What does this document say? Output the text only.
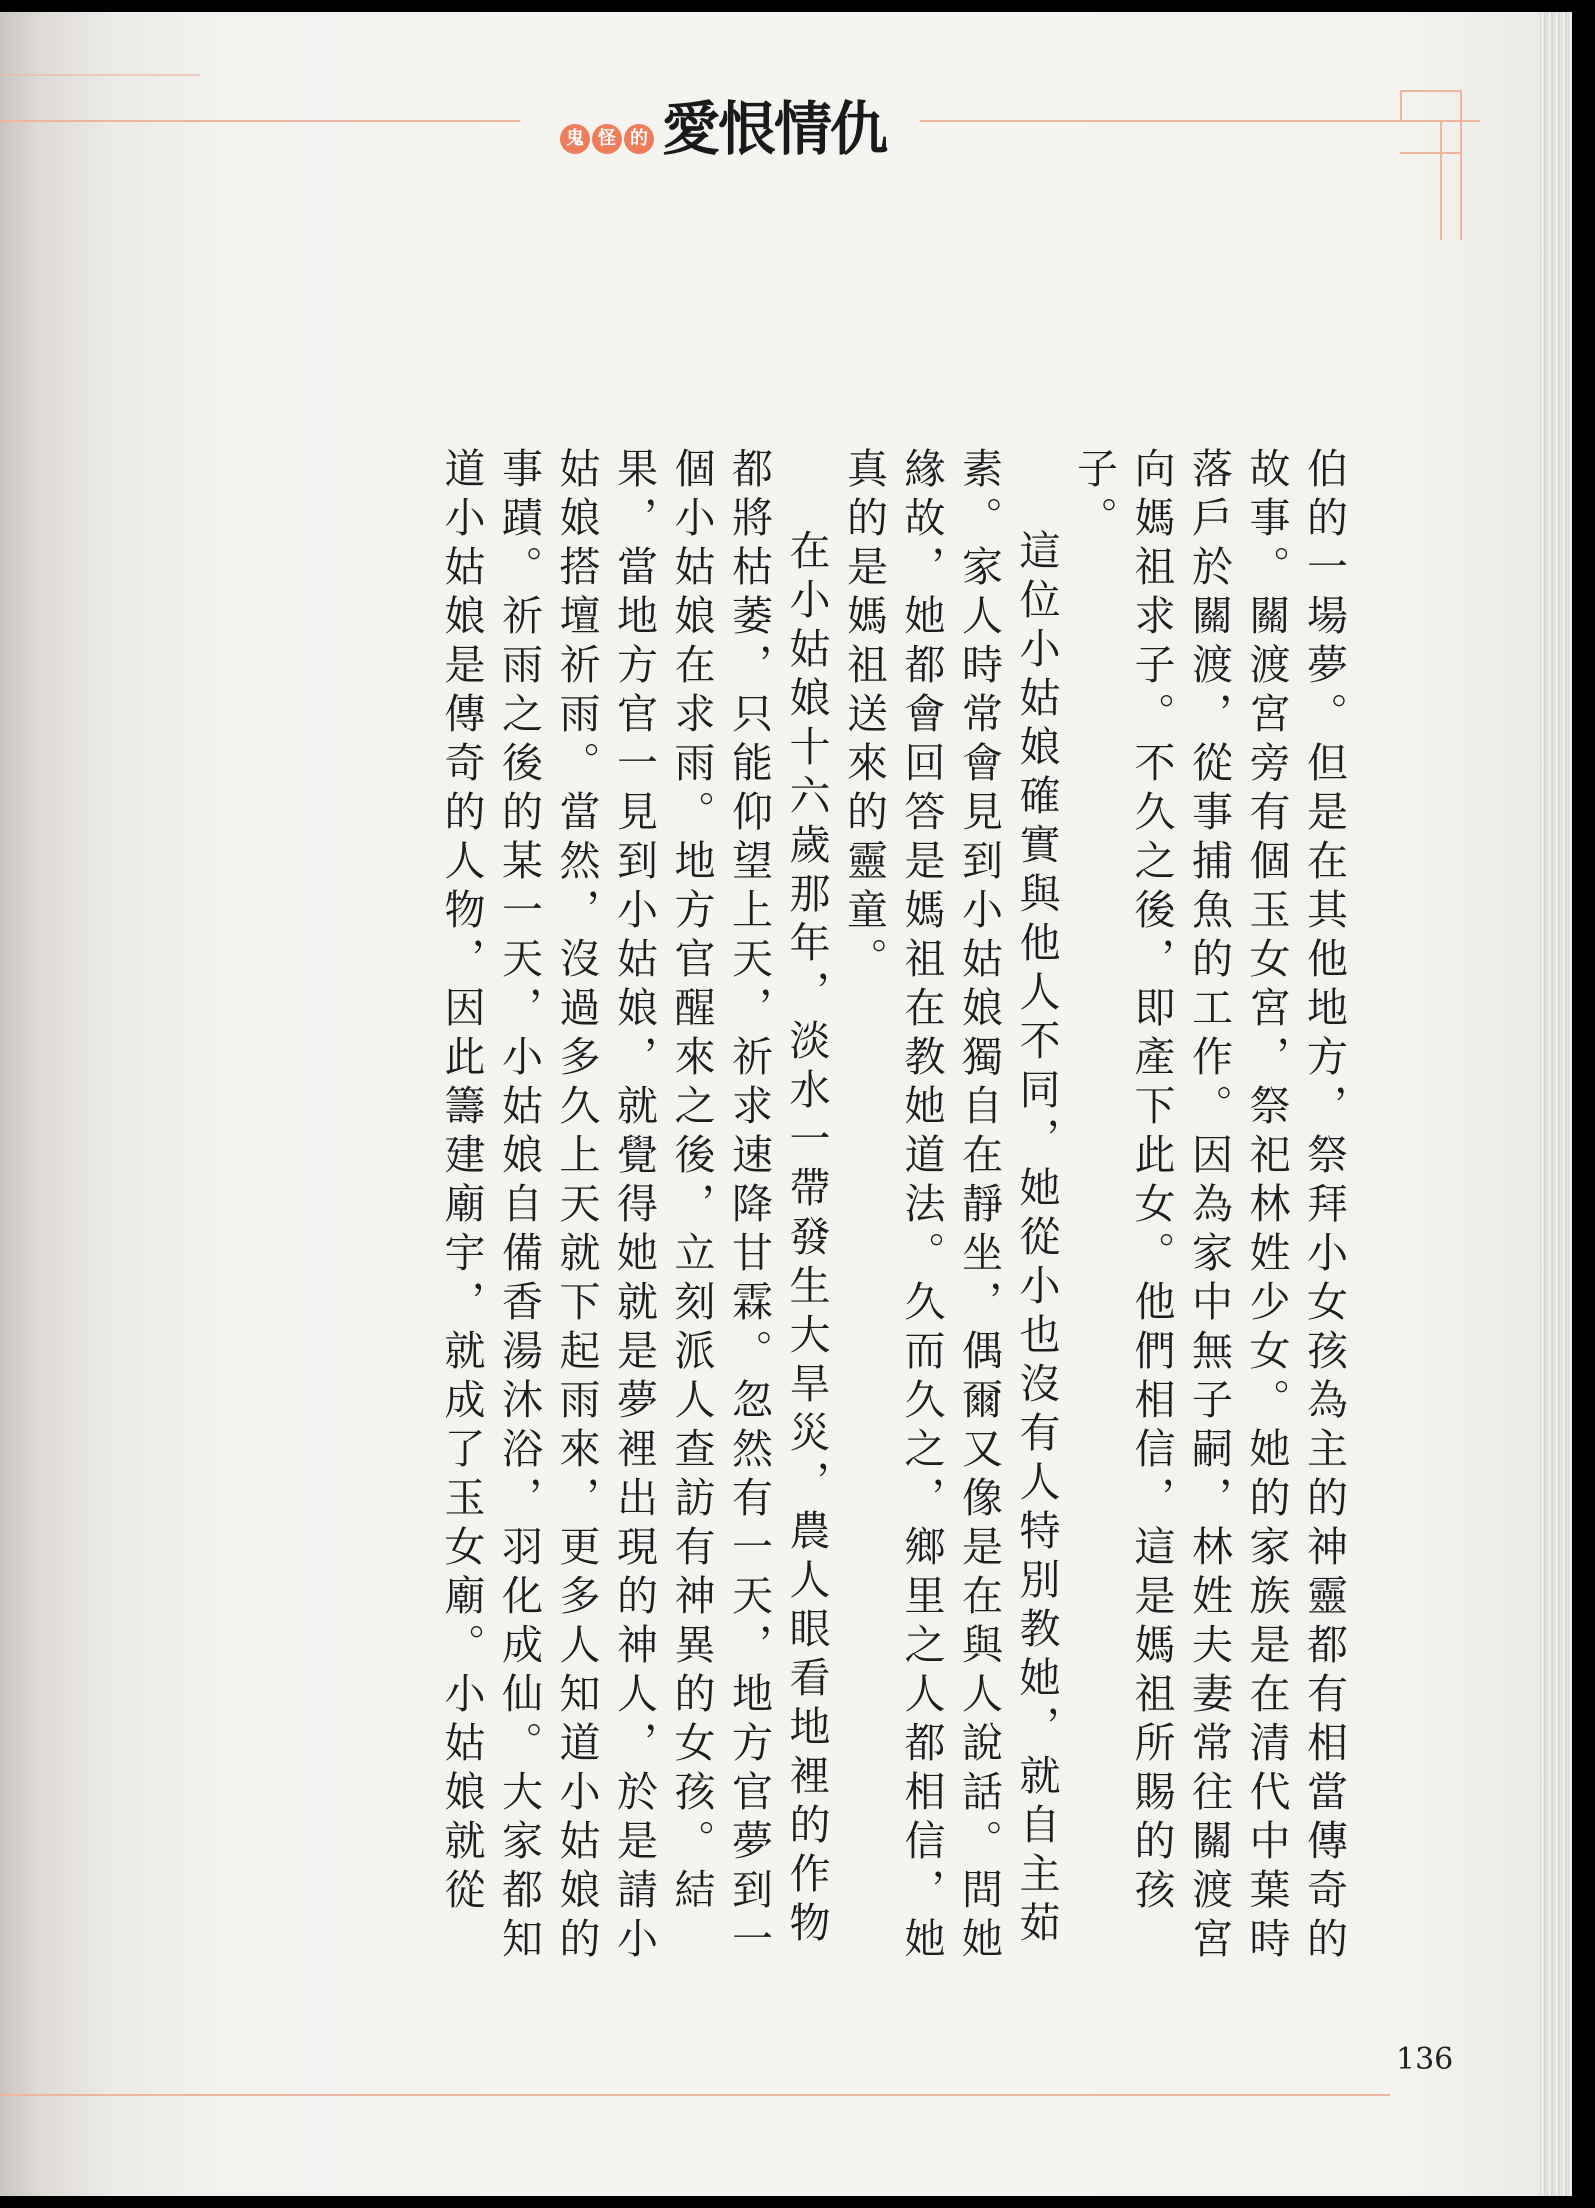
鬼 怪 的 愛恨情仇

伯的一場夢。但是在其他地方，祭拜小女孩為主的神靈都有相當傳奇的故事。關渡宮旁有個玉女宮，祭祀林姓少女。她的家族是在清代中葉時落戶於關渡，從事捕魚的工作。因為家中無子嗣，林姓夫妻常往關渡宮向媽祖求子。不久之後，即產下此女。他們相信，這是媽祖所賜的孩子。

這位小姑娘確實與他人不同，她從小也沒有人特別教她，就自主茹素。家人時常會見到小姑娘獨自在靜坐，偶爾又像是在與人說話。問她緣故，她都會回答是媽祖在教她道法。久而久之，鄉里之人都相信，她真的是媽祖送來的靈童。

在小姑娘十六歲那年，淡水一帶發生大旱災，農人眼看地裡的作物都將枯萎，只能仰望上天，祈求速降甘霖。忽然有一天，地方官夢到一個小姑娘在求雨。地方官醒來之後，立刻派人查訪有神異的女孩。結果，當地方官一見到小姑娘，就覺得她就是夢裡出現的神人，於是請小姑娘搭壇祈雨。當然，沒過多久上天就下起雨來，更多人知道小姑娘的事蹟。祈雨之後的某一天，小姑娘自備香湯沐浴，羽化成仙。大家都知道小姑娘是傳奇的人物，因此籌建廟宇，就成了玉女廟。小姑娘就從

136
